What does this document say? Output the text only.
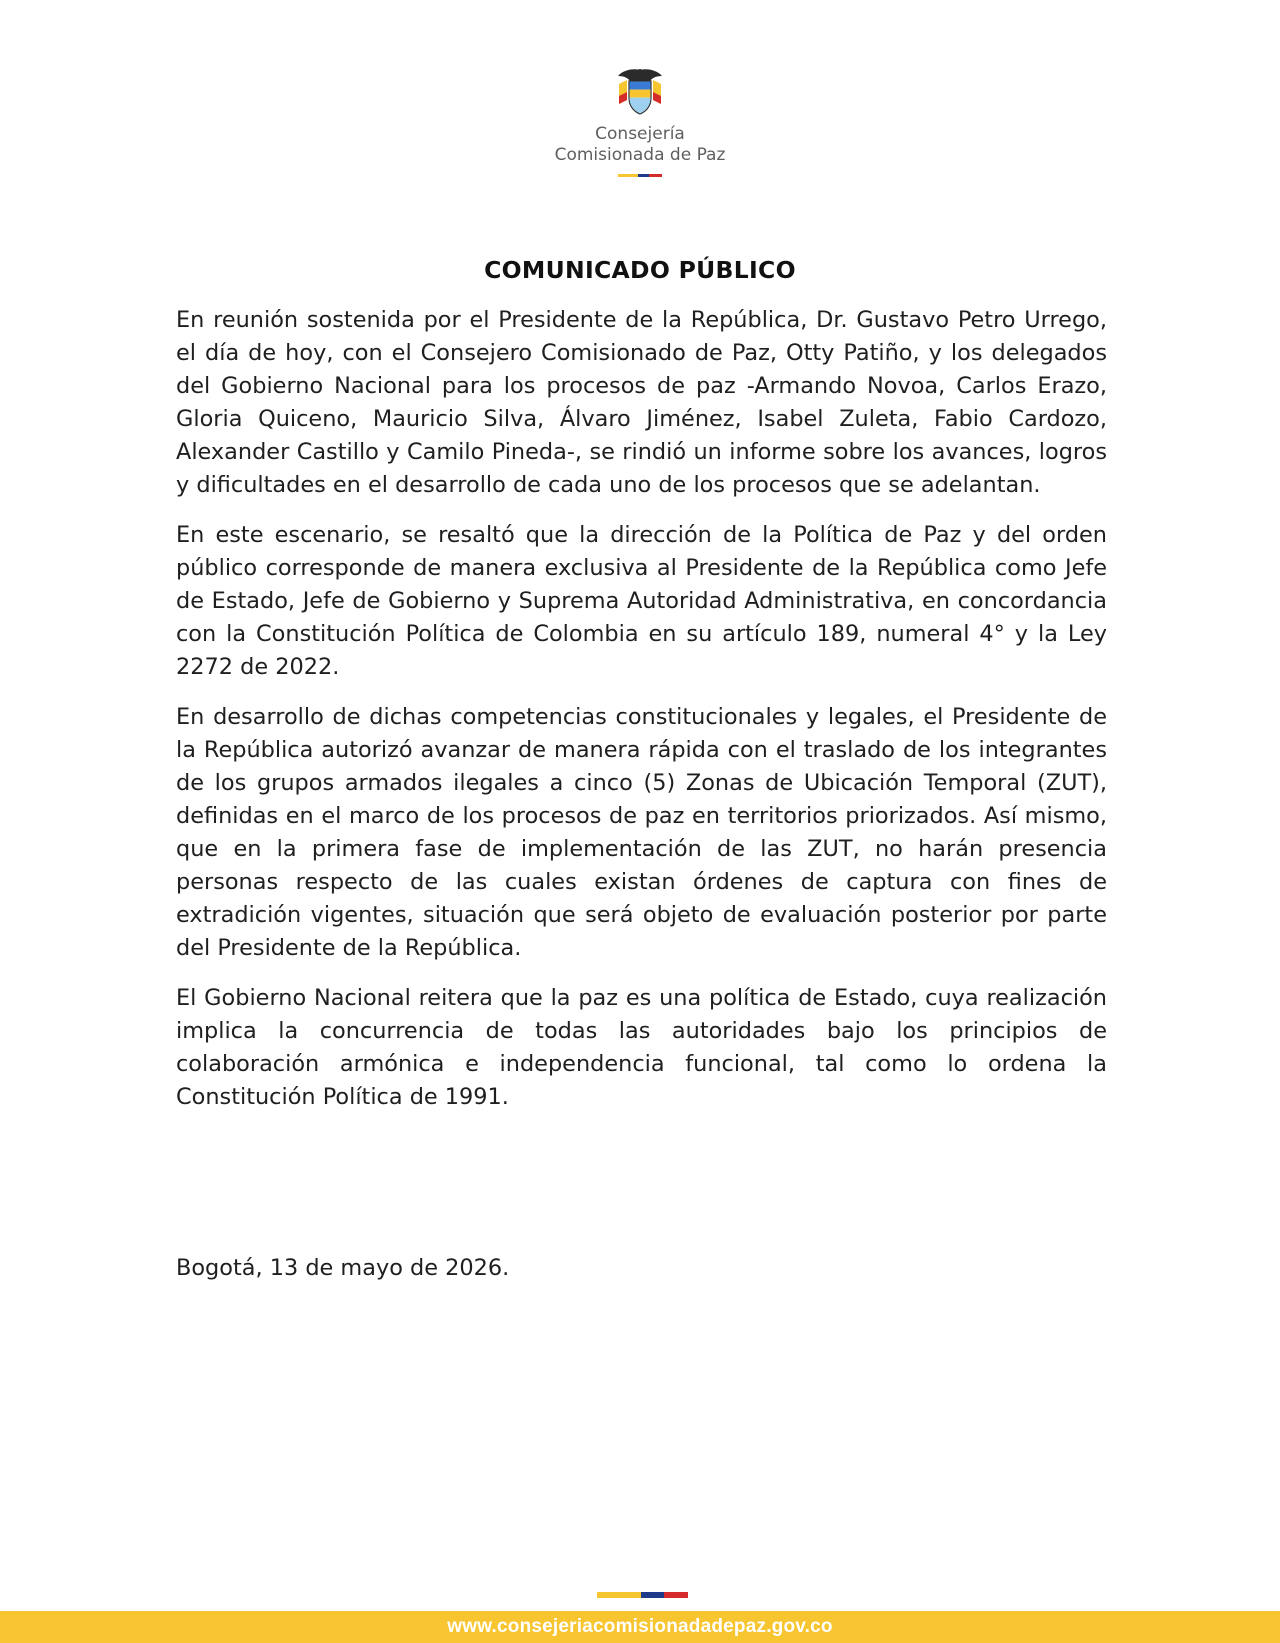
Consejería
Comisionada de Paz
COMUNICADO PÚBLICO

En reunión sostenida por el Presidente de la República, Dr. Gustavo Petro Urrego, el día de hoy, con el Consejero Comisionado de Paz, Otty Patiño, y los delegados del Gobierno Nacional para los procesos de paz -Armando Novoa, Carlos Erazo, Gloria Quiceno, Mauricio Silva, Álvaro Jiménez, Isabel Zuleta, Fabio Cardozo, Alexander Castillo y Camilo Pineda-, se rindió un informe sobre los avances, logros y dificultades en el desarrollo de cada uno de los procesos que se adelantan.

En este escenario, se resaltó que la dirección de la Política de Paz y del orden público corresponde de manera exclusiva al Presidente de la República como Jefe de Estado, Jefe de Gobierno y Suprema Autoridad Administrativa, en concordancia con la Constitución Política de Colombia en su artículo 189, numeral 4° y la Ley 2272 de 2022.

En desarrollo de dichas competencias constitucionales y legales, el Presidente de la República autorizó avanzar de manera rápida con el traslado de los integrantes de los grupos armados ilegales a cinco (5) Zonas de Ubicación Temporal (ZUT), definidas en el marco de los procesos de paz en territorios priorizados. Así mismo, que en la primera fase de implementación de las ZUT, no harán presencia personas respecto de las cuales existan órdenes de captura con fines de extradición vigentes, situación que será objeto de evaluación posterior por parte del Presidente de la República.

El Gobierno Nacional reitera que la paz es una política de Estado, cuya realización implica la concurrencia de todas las autoridades bajo los principios de colaboración armónica e independencia funcional, tal como lo ordena la Constitución Política de 1991.

Bogotá, 13 de mayo de 2026.
www.consejeriacomisionadadepaz.gov.co
